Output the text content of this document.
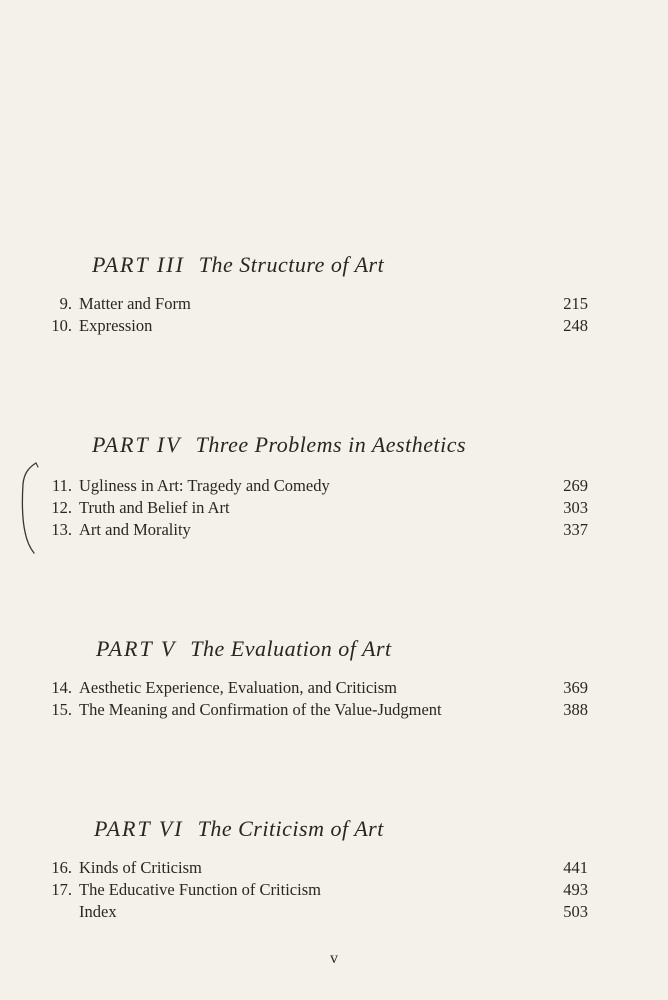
PART III The Structure of Art
9. Matter and Form	215
10. Expression	248
PART IV Three Problems in Aesthetics
11. Ugliness in Art: Tragedy and Comedy	269
12. Truth and Belief in Art	303
13. Art and Morality	337
PART V The Evaluation of Art
14. Aesthetic Experience, Evaluation, and Criticism	369
15. The Meaning and Confirmation of the Value-Judgment	388
PART VI The Criticism of Art
16. Kinds of Criticism	441
17. The Educative Function of Criticism	493
Index	503
v
